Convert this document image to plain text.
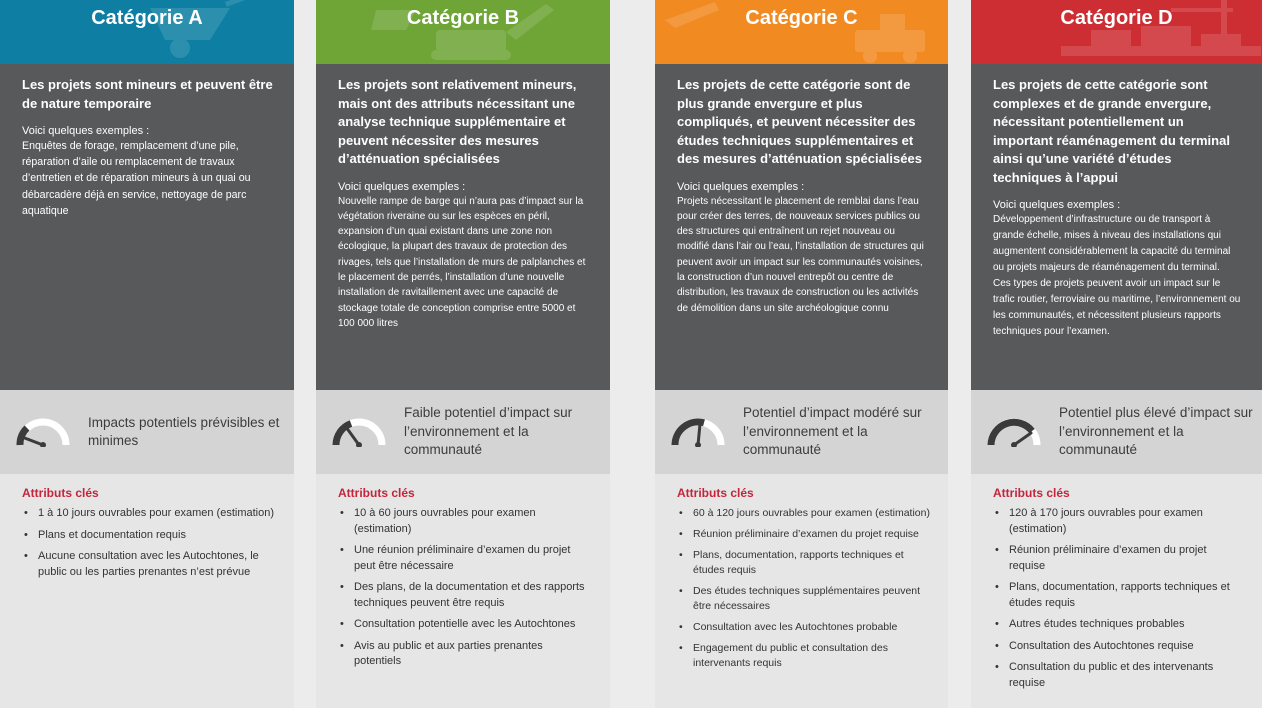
Catégorie A

Les projets sont mineurs et peuvent être de nature temporaire

Voici quelques exemples :

Enquêtes de forage, remplacement d’une pile, réparation d’aile ou remplacement de travaux d’entretien et de réparation mineurs à un quai ou débarcadère déjà en service, nettoyage de parc aquatique

Impacts potentiels prévisibles et minimes

Attributs clés

• 1 à 10 jours ouvrables pour examen (estimation)
• Plans et documentation requis
• Aucune consultation avec les Autochtones, le public ou les parties prenantes n’est prévue
Catégorie B

Les projets sont relativement mineurs, mais ont des attributs nécessitant une analyse technique supplémentaire et peuvent nécessiter des mesures d’atténuation spécialisées

Voici quelques exemples :

Nouvelle rampe de barge qui n’aura pas d’impact sur la végétation riveraine ou sur les espèces en péril, expansion d’un quai existant dans une zone non écologique, la plupart des travaux de protection des rivages, tels que l’installation de murs de palplanches et le placement de perrés, l’installation d’une nouvelle installation de ravitaillement avec une capacité de stockage totale de conception comprise entre 5000 et 100 000 litres

Faible potentiel d’impact sur l’environnement et la communauté

Attributs clés

• 10 à 60 jours ouvrables pour examen (estimation)
• Une réunion préliminaire d’examen du projet peut être nécessaire
• Des plans, de la documentation et des rapports techniques peuvent être requis
• Consultation potentielle avec les Autochtones
• Avis au public et aux parties prenantes potentiels
Catégorie C

Les projets de cette catégorie sont de plus grande envergure et plus compliqués, et peuvent nécessiter des études techniques supplémentaires et des mesures d’atténuation spécialisées

Voici quelques exemples :

Projets nécessitant le placement de remblai dans l’eau pour créer des terres, de nouveaux services publics ou des structures qui entraînent un rejet nouveau ou modifié dans l’air ou l’eau, l’installation de structures qui peuvent avoir un impact sur les communautés voisines, la construction d’un nouvel entrepôt ou centre de distribution, les travaux de construction ou les activités de démolition dans un site archéologique connu

Potentiel d’impact modéré sur l’environnement et la communauté

Attributs clés

• 60 à 120 jours ouvrables pour examen (estimation)
• Réunion préliminaire d’examen du projet requise
• Plans, documentation, rapports techniques et études requis
• Des études techniques supplémentaires peuvent être nécessaires
• Consultation avec les Autochtones probable
• Engagement du public et consultation des intervenants requis
Catégorie D

Les projets de cette catégorie sont complexes et de grande envergure, nécessitant potentiellement un important réaménagement du terminal ainsi qu’une variété d’études techniques à l’appui

Voici quelques exemples :

Développement d’infrastructure ou de transport à grande échelle, mises à niveau des installations qui augmentent considérablement la capacité du terminal ou projets majeurs de réaménagement du terminal.
Ces types de projets peuvent avoir un impact sur le trafic routier, ferroviaire ou maritime, l’environnement ou les communautés, et nécessitent plusieurs rapports techniques pour l’examen.

Potentiel plus élevé d’impact sur l’environnement et la communauté

Attributs clés

• 120 à 170 jours ouvrables pour examen (estimation)
• Réunion préliminaire d’examen du projet requise
• Plans, documentation, rapports techniques et études requis
• Autres études techniques probables
• Consultation des Autochtones requise
• Consultation du public et des intervenants requise
